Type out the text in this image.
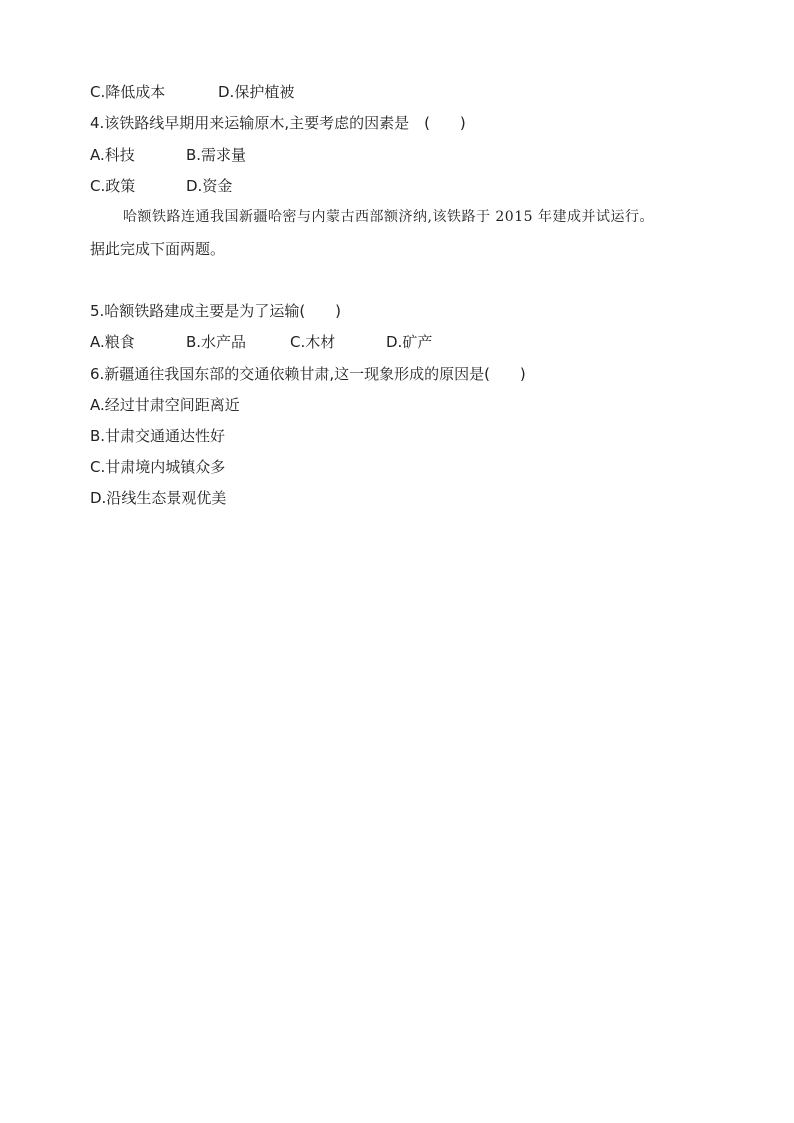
C.降低成本	D.保护植被
4.该铁路线早期用来运输原木,主要考虑的因素是　(　　)
A.科技	B.需求量
C.政策	D.资金
哈额铁路连通我国新疆哈密与内蒙古西部额济纳,该铁路于 2015 年建成并试运行。
据此完成下面两题。
5.哈额铁路建成主要是为了运输(　　)
A.粮食	B.水产品	C.木材	D.矿产
6.新疆通往我国东部的交通依赖甘肃,这一现象形成的原因是(　　)
A.经过甘肃空间距离近
B.甘肃交通通达性好
C.甘肃境内城镇众多
D.沿线生态景观优美
